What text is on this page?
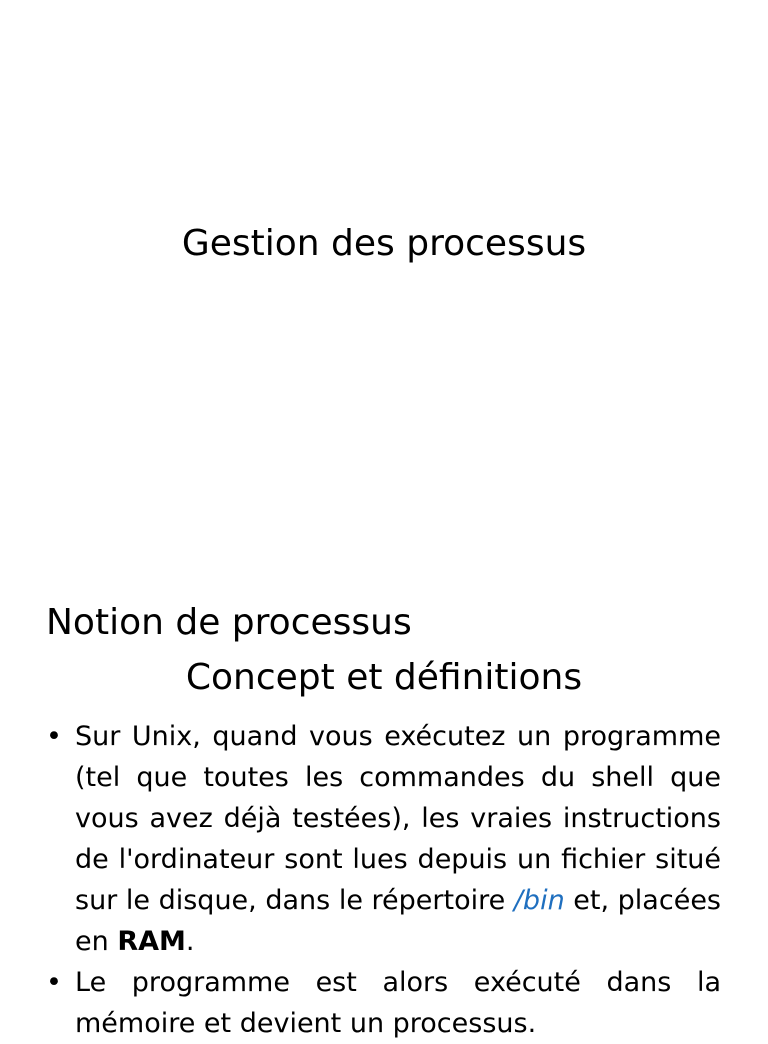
Gestion des processus
Notion de processus
Concept et définitions
• Sur Unix, quand vous exécutez un programme (tel que toutes les commandes du shell que vous avez déjà testées), les vraies instructions de l'ordinateur sont lues depuis un fichier situé sur le disque, dans le répertoire /bin et, placées en RAM.
• Le programme est alors exécuté dans la mémoire et devient un processus.
